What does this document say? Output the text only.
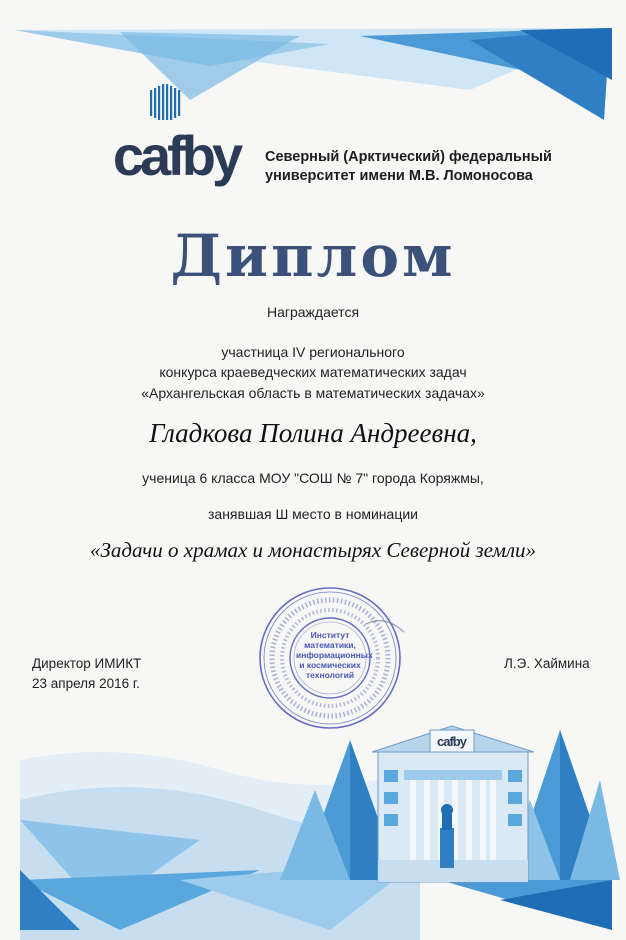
cafby Северный (Арктический) федеральный
университет имени М.В. Ломоносова
Диплом
Награждается
участница IV регионального
конкурса краеведческих математических задач
«Архангельская область в математических задачах»
Гладкова Полина Андреевна,
ученица 6 класса МОУ "СОШ № 7" города Коряжмы,
занявшая Ш место в номинации
«Задачи о храмах и монастырях Северной земли»
Директор ИМИКТ
23 апреля 2016 г.
Л.Э. Хаймина
Институт
математики,
информационных
и космических
технологий
cafby
